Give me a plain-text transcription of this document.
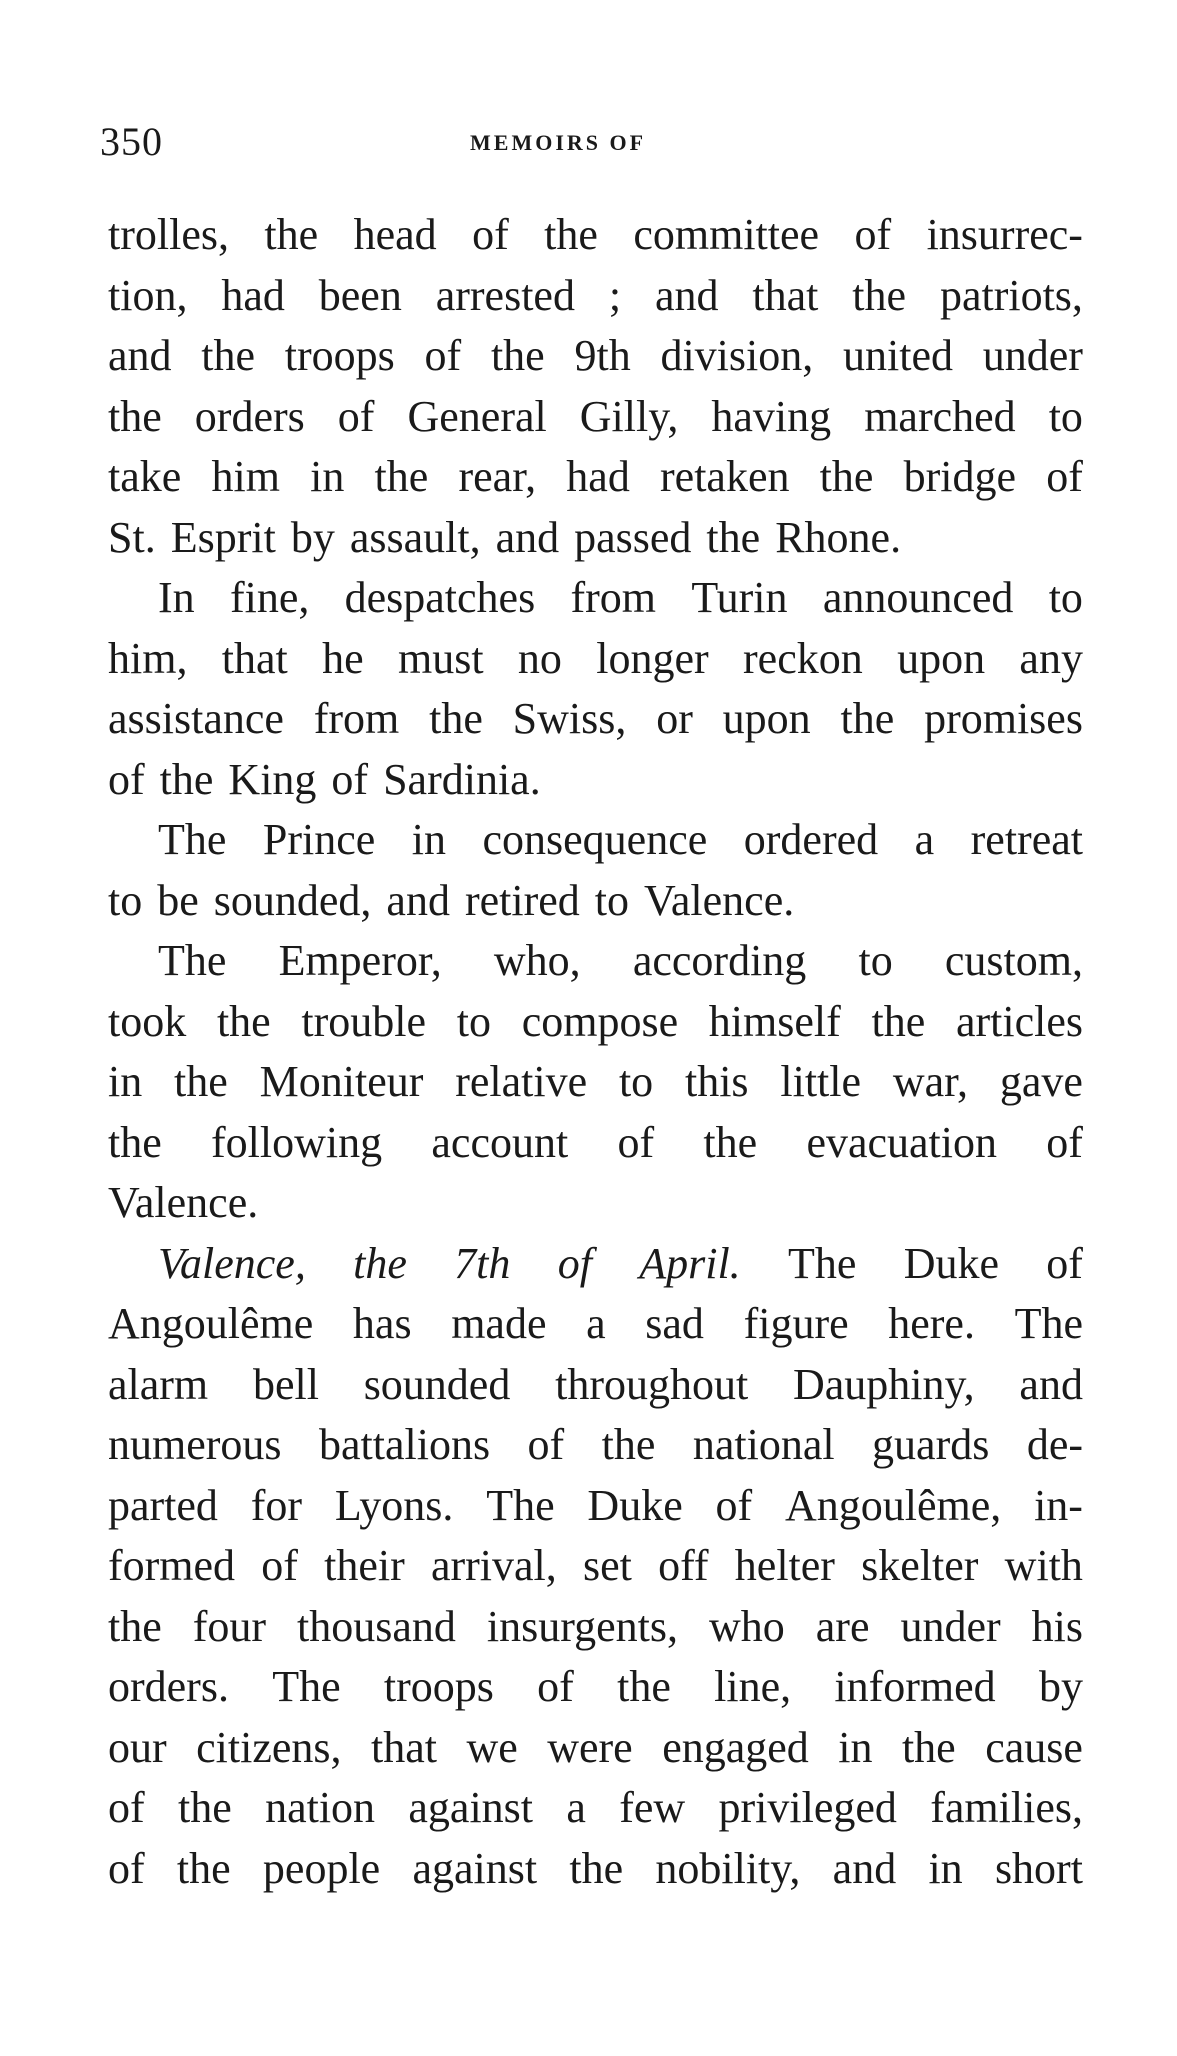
350	MEMOIRS OF
trolles, the head of the committee of insurrec-
tion, had been arrested ; and that the patriots,
and the troops of the 9th division, united under
the orders of General Gilly, having marched to
take him in the rear, had retaken the bridge of
St. Esprit by assault, and passed the Rhone.
In fine, despatches from Turin announced to
him, that he must no longer reckon upon any
assistance from the Swiss, or upon the promises
of the King of Sardinia.
The Prince in consequence ordered a retreat
to be sounded, and retired to Valence.
The Emperor, who, according to custom,
took the trouble to compose himself the articles
in the Moniteur relative to this little war, gave
the following account of the evacuation of
Valence.
Valence, the 7th of April. The Duke of
Angoulême has made a sad figure here. The
alarm bell sounded throughout Dauphiny, and
numerous battalions of the national guards de-
parted for Lyons. The Duke of Angoulême, in-
formed of their arrival, set off helter skelter with
the four thousand insurgents, who are under his
orders. The troops of the line, informed by
our citizens, that we were engaged in the cause
of the nation against a few privileged families,
of the people against the nobility, and in short
